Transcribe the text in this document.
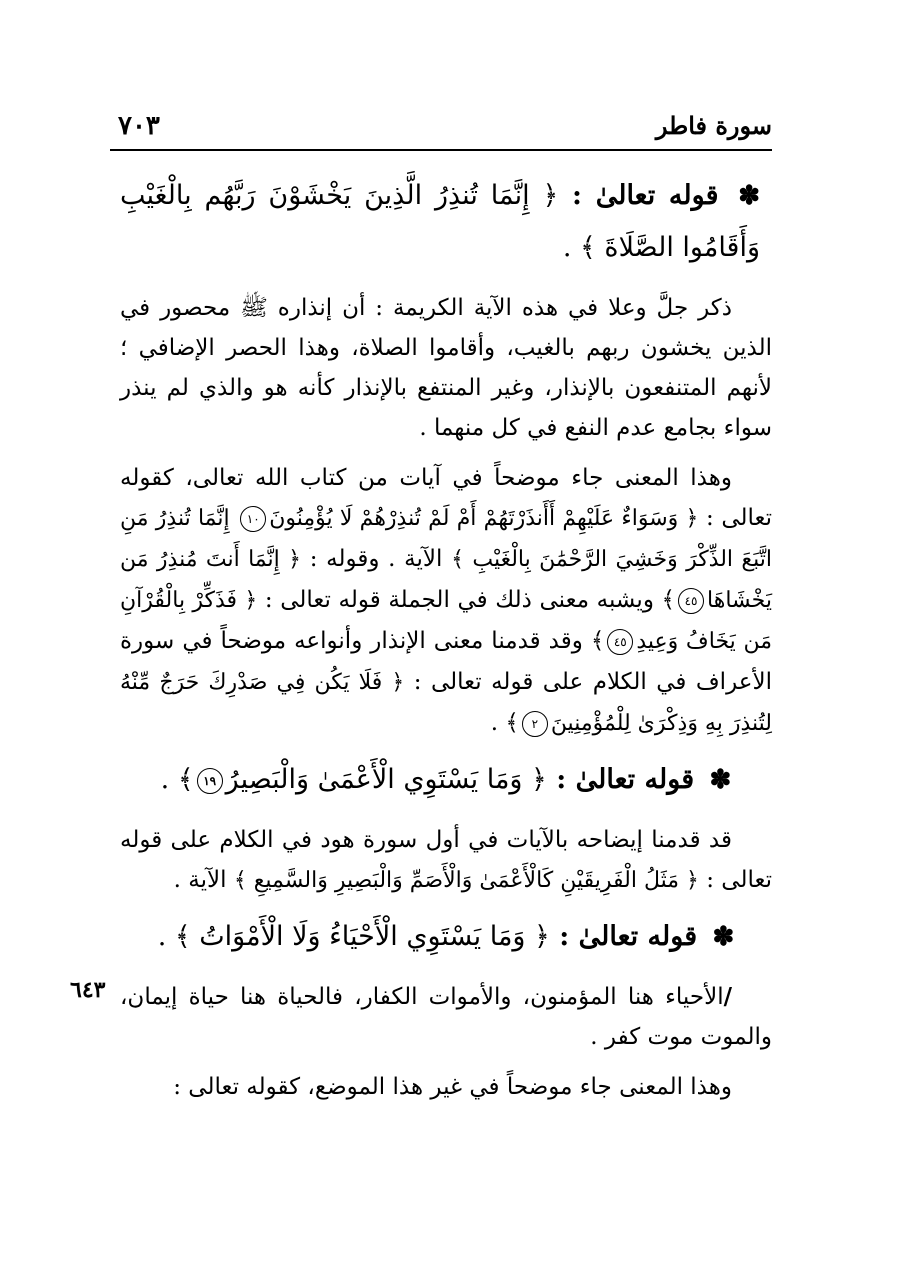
سورة فاطر
٧٠٣
✽ قوله تعالىٰ : ﴿ إِنَّمَا تُنذِرُ الَّذِينَ يَخْشَوْنَ رَبَّهُم بِالْغَيْبِ وَأَقَامُوا الصَّلَاةَ ﴾ .

ذكر جلَّ وعلا في هذه الآية الكريمة : أن إنذاره ﷺ محصور في الذين يخشون ربهم بالغيب، وأقاموا الصلاة، وهذا الحصر الإضافي ؛ لأنهم المتنفعون بالإنذار، وغير المنتفع بالإنذار كأنه هو والذي لم ينذر سواء بجامع عدم النفع في كل منهما .

وهذا المعنى جاء موضحاً في آيات من كتاب الله تعالى، كقوله تعالى : ﴿ وَسَوَاءٌ عَلَيْهِمْ أَأَنذَرْتَهُمْ أَمْ لَمْ تُنذِرْهُمْ لَا يُؤْمِنُونَ١٠ إِنَّمَا تُنذِرُ مَنِ اتَّبَعَ الذِّكْرَ وَخَشِيَ الرَّحْمَٰنَ بِالْغَيْبِ ﴾ الآية . وقوله : ﴿ إِنَّمَا أَنتَ مُنذِرُ مَن يَخْشَاهَا٤٥﴾ ويشبه معنى ذلك في الجملة قوله تعالى : ﴿ فَذَكِّرْ بِالْقُرْآنِ مَن يَخَافُ وَعِيدِ٤٥﴾ وقد قدمنا معنى الإنذار وأنواعه موضحاً في سورة الأعراف في الكلام على قوله تعالى : ﴿ فَلَا يَكُن فِي صَدْرِكَ حَرَجٌ مِّنْهُ لِتُنذِرَ بِهِ وَذِكْرَىٰ لِلْمُؤْمِنِينَ٢﴾ .

✽ قوله تعالىٰ : ﴿ وَمَا يَسْتَوِي الْأَعْمَىٰ وَالْبَصِيرُ١٩﴾ .

قد قدمنا إيضاحه بالآيات في أول سورة هود في الكلام على قوله تعالى : ﴿ مَثَلُ الْفَرِيقَيْنِ كَالْأَعْمَىٰ وَالْأَصَمِّ وَالْبَصِيرِ وَالسَّمِيعِ ﴾ الآية .

✽ قوله تعالىٰ : ﴿ وَمَا يَسْتَوِي الْأَحْيَاءُ وَلَا الْأَمْوَاتُ ﴾ .
٦٤٣	/الأحياء هنا المؤمنون، والأموات الكفار، فالحياة هنا حياة إيمان، والموت موت كفر .

وهذا المعنى جاء موضحاً في غير هذا الموضع، كقوله تعالى :
